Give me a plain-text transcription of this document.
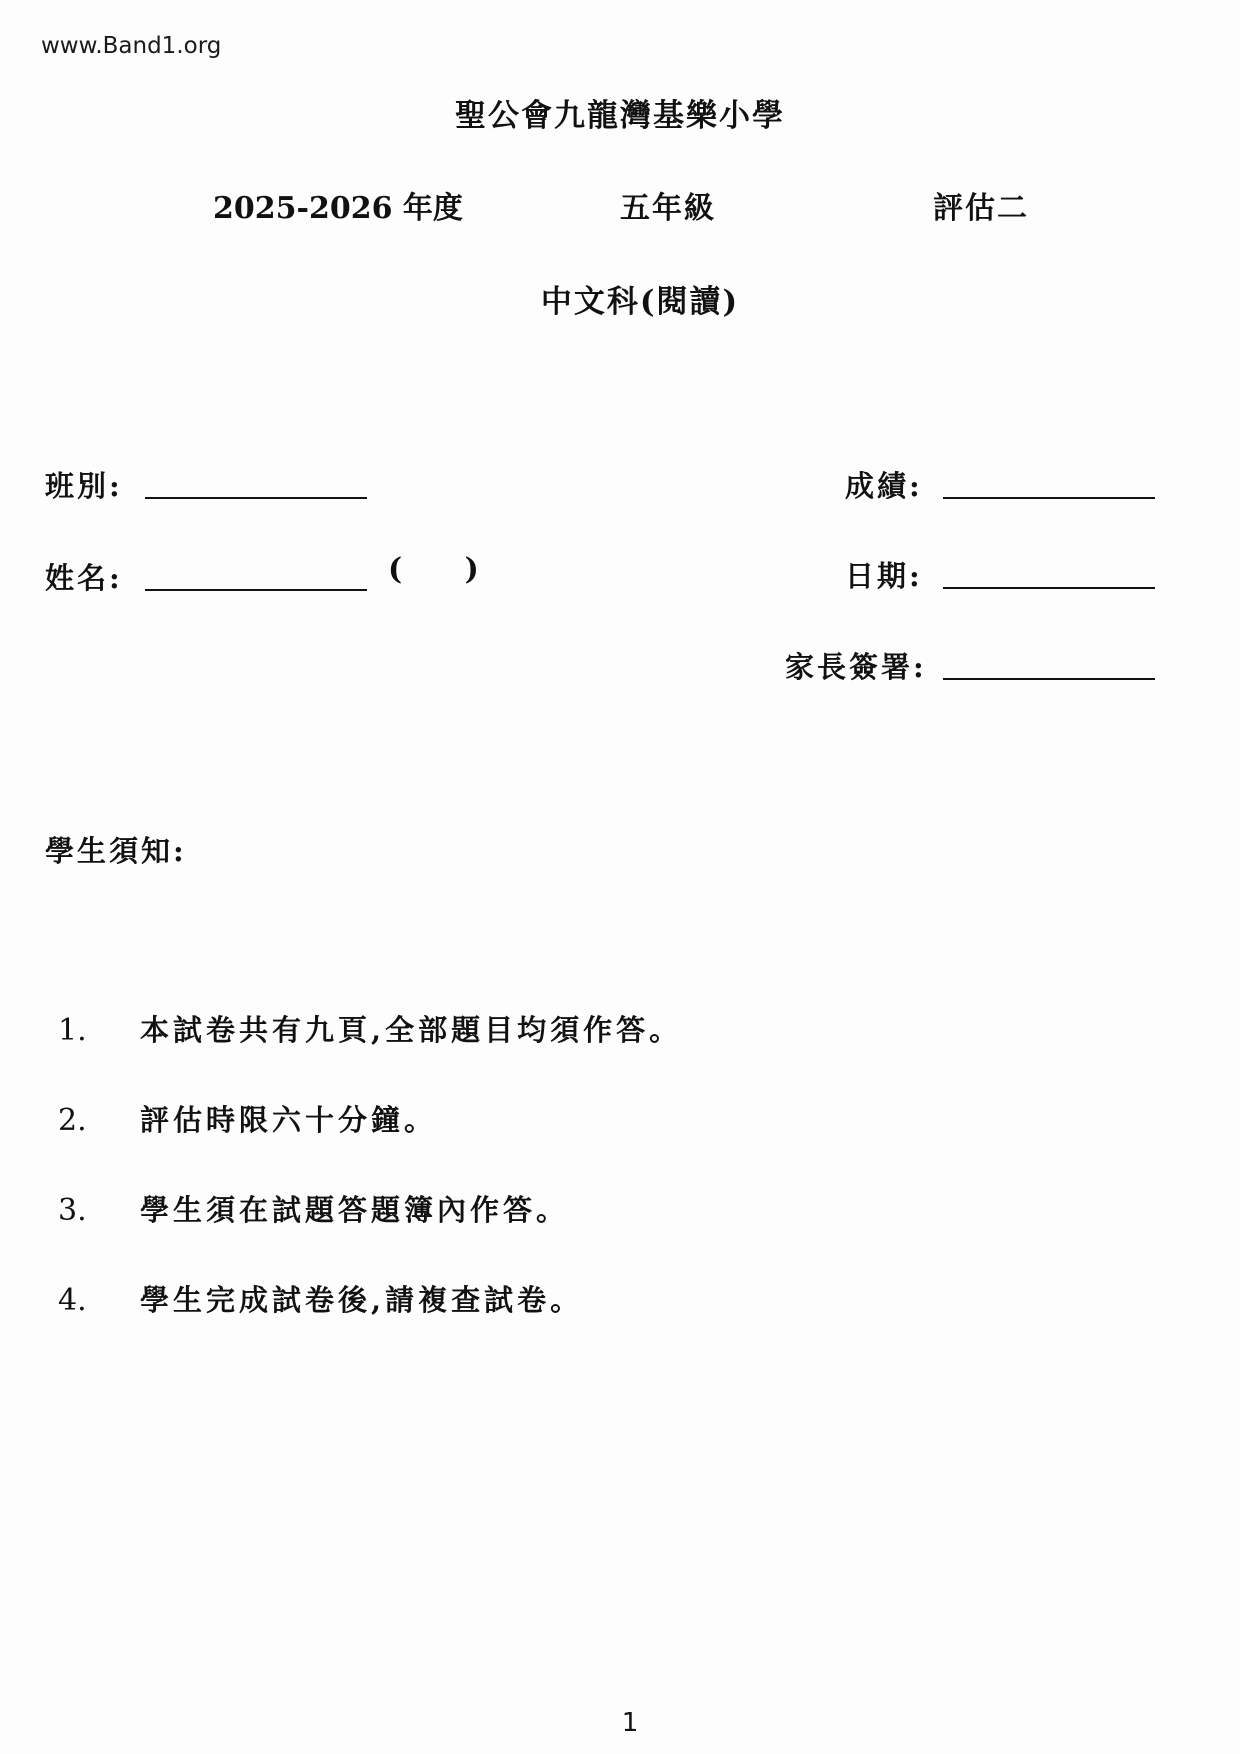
www.Band1.org
聖公會九龍灣基樂小學
2025-2026 年度	五年級	評估二
中文科(閱讀)
班別:
姓名:	( )
成績:
日期:
家長簽署:
學生須知:
1.	本試卷共有九頁,全部題目均須作答。
2.	評估時限六十分鐘。
3.	學生須在試題答題簿內作答。
4.	學生完成試卷後,請複查試卷。
1
